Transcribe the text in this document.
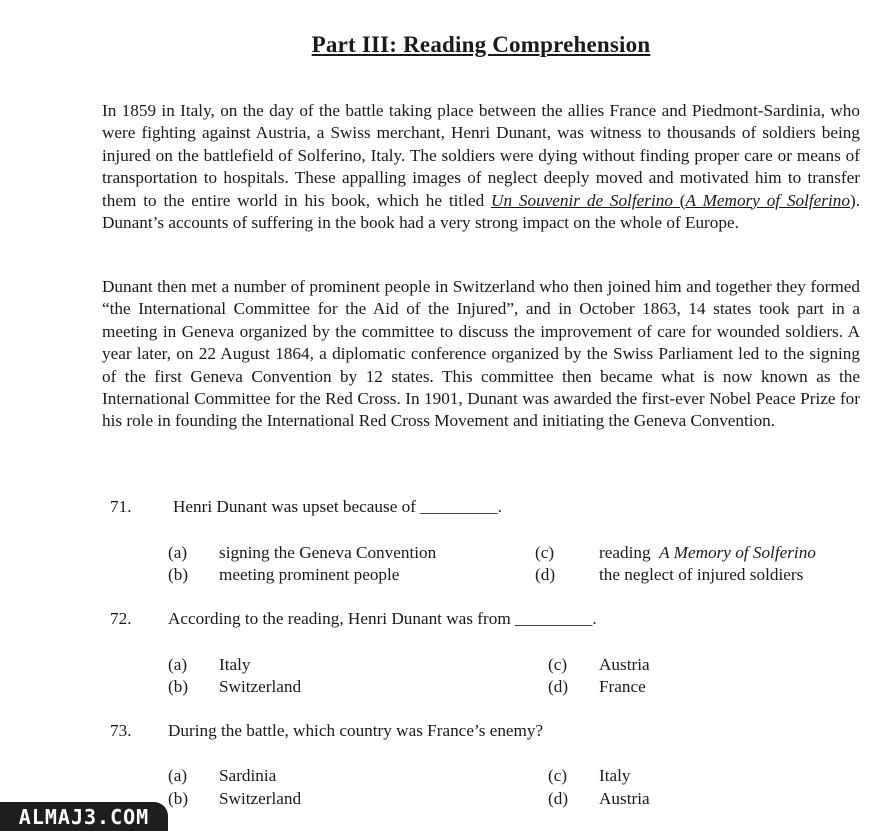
Part III: Reading Comprehension
In 1859 in Italy, on the day of the battle taking place between the allies France and Piedmont-Sardinia, who were fighting against Austria, a Swiss merchant, Henri Dunant, was witness to thousands of soldiers being injured on the battlefield of Solferino, Italy. The soldiers were dying without finding proper care or means of transportation to hospitals. These appalling images of neglect deeply moved and motivated him to transfer them to the entire world in his book, which he titled Un Souvenir de Solferino (A Memory of Solferino). Dunant’s accounts of suffering in the book had a very strong impact on the whole of Europe.
Dunant then met a number of prominent people in Switzerland who then joined him and together they formed “the International Committee for the Aid of the Injured”, and in October 1863, 14 states took part in a meeting in Geneva organized by the committee to discuss the improvement of care for wounded soldiers. A year later, on 22 August 1864, a diplomatic conference organized by the Swiss Parliament led to the signing of the first Geneva Convention by 12 states. This committee then became what is now known as the International Committee for the Red Cross. In 1901, Dunant was awarded the first-ever Nobel Peace Prize for his role in founding the International Red Cross Movement and initiating the Geneva Convention.
71. Henri Dunant was upset because of _________.
(a) signing the Geneva Convention
(b) meeting prominent people
(c)	reading A Memory of Solferino
(d)	the neglect of injured soldiers
72. According to the reading, Henri Dunant was from _________.
(a) Italy
(b) Switzerland
(c) Austria
(d) France
73. During the battle, which country was France’s enemy?
(a) Sardinia
(b) Switzerland
(c) Italy
(d) Austria
ALMAJ3.COM
